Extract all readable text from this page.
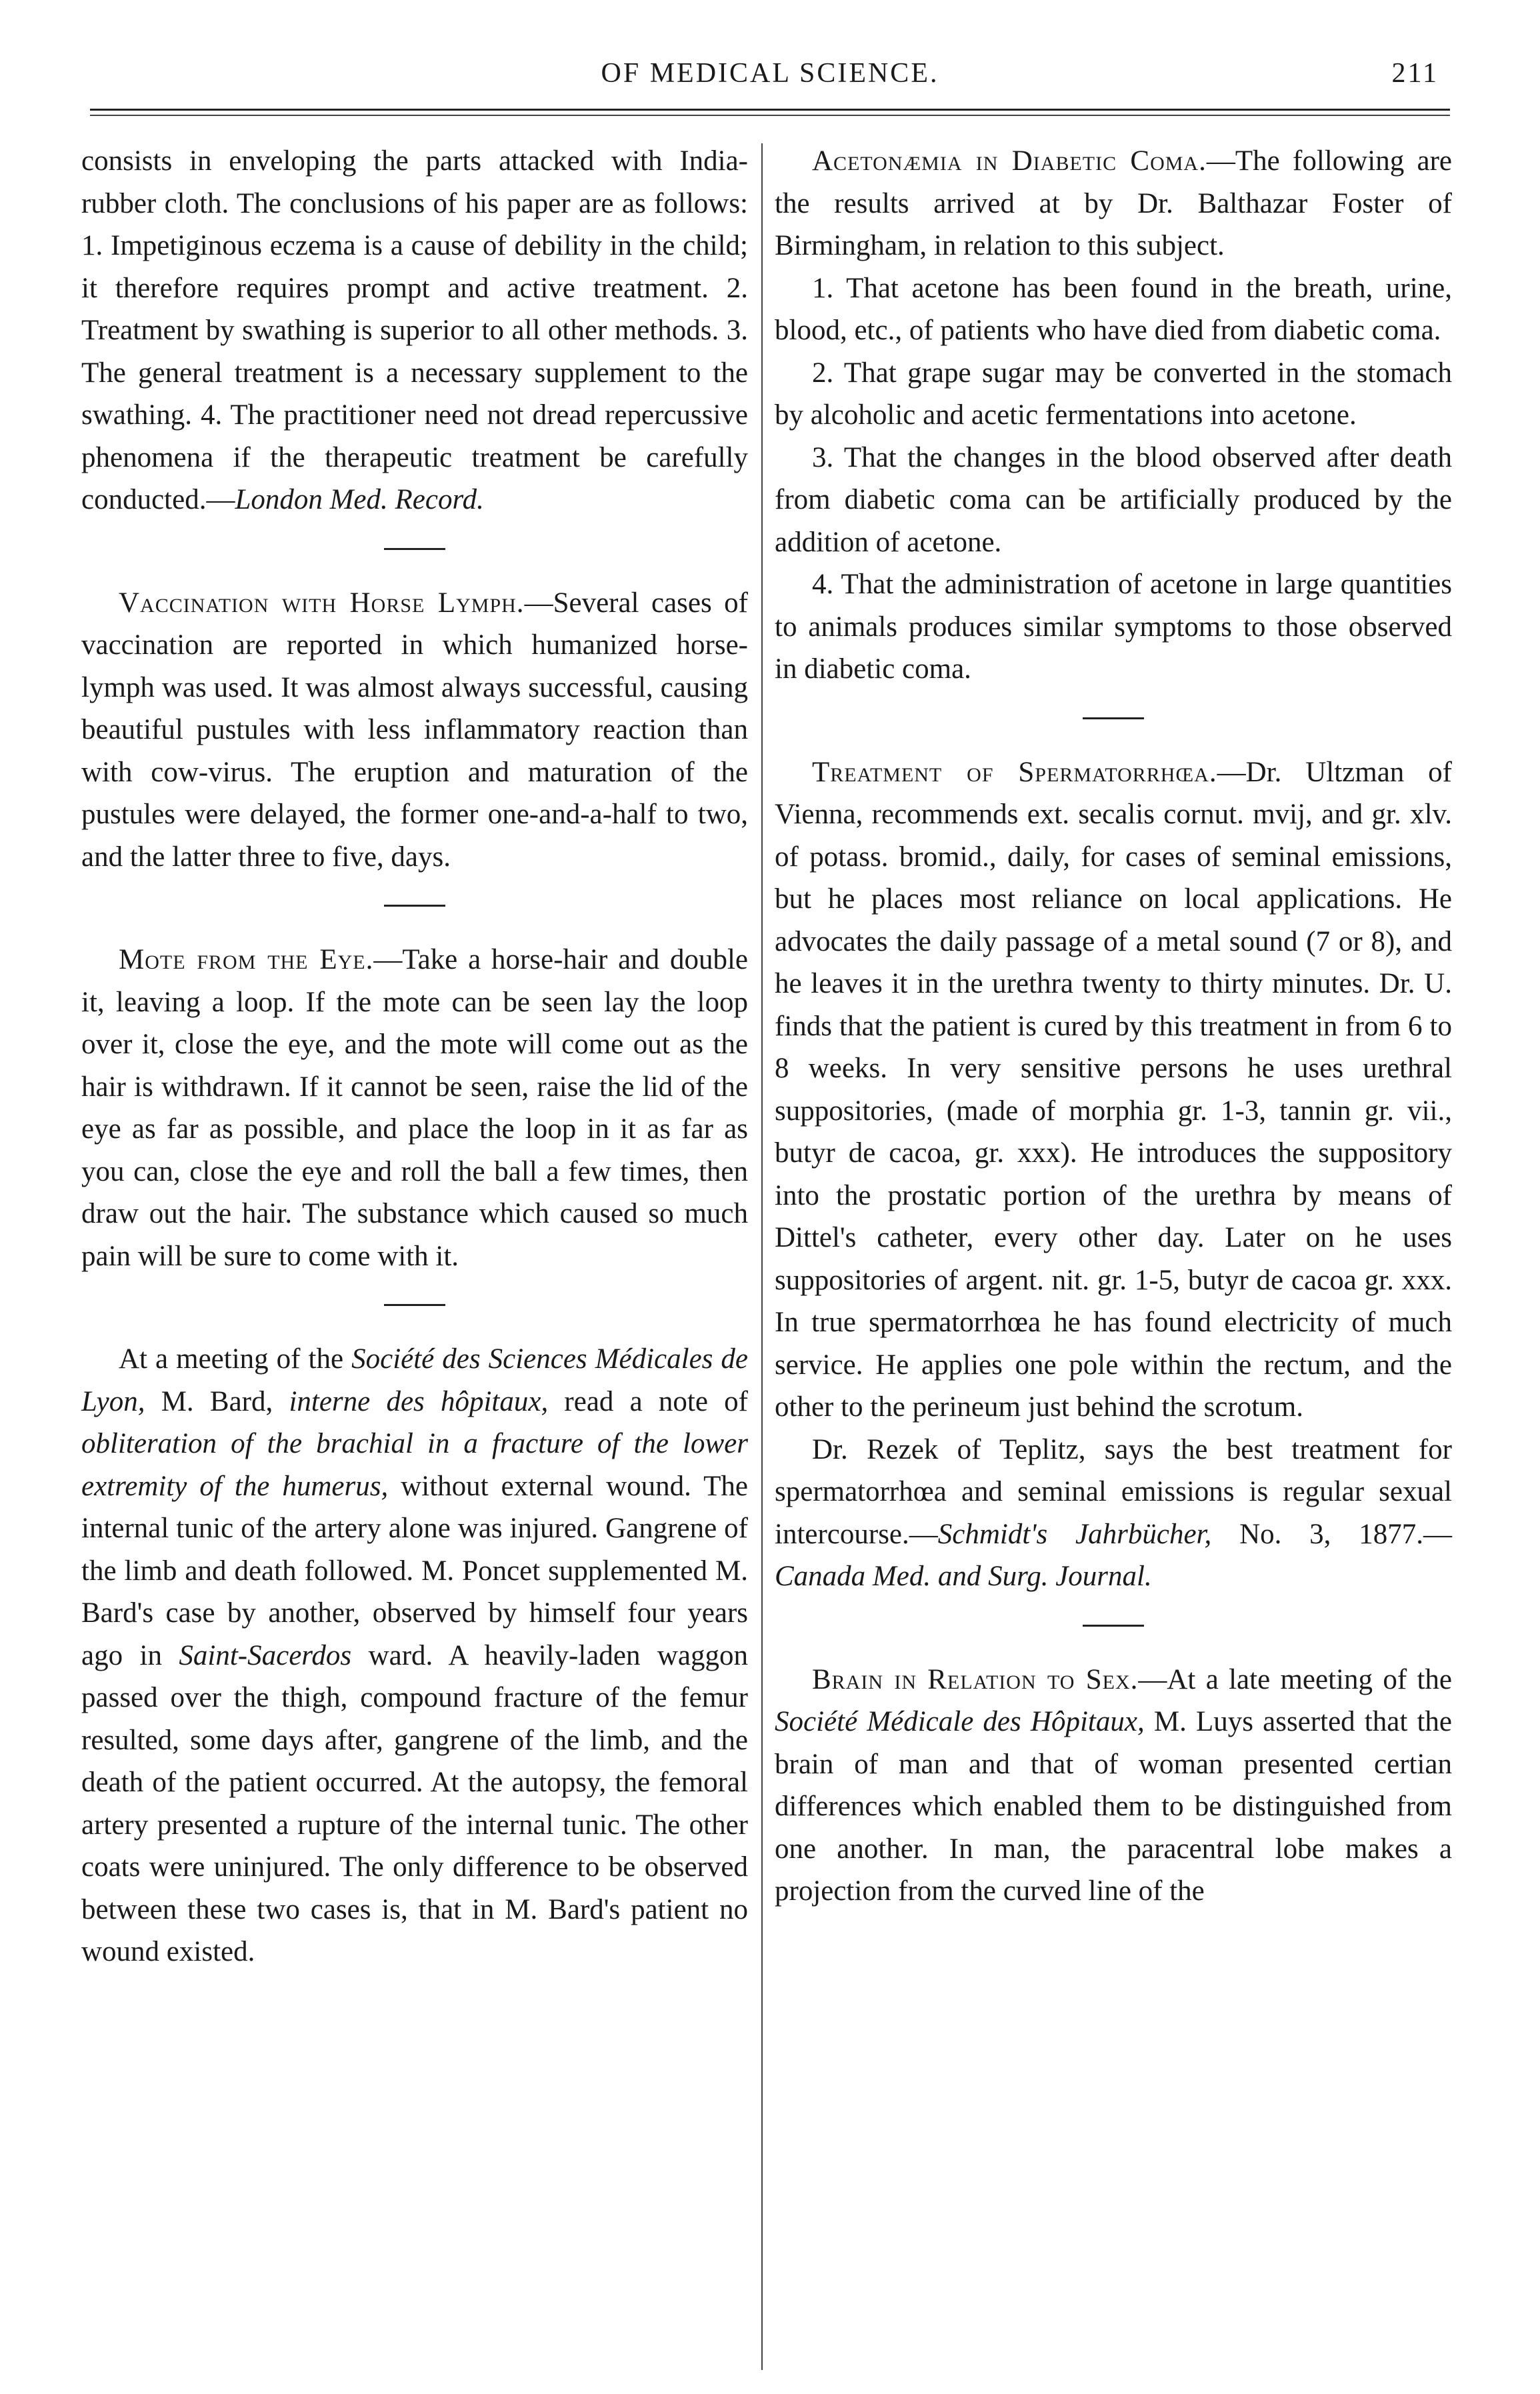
OF MEDICAL SCIENCE.	211

consists in enveloping the parts attacked with India-rubber cloth. The conclusions of his paper are as follows: 1. Impetiginous eczema is a cause of debility in the child; it therefore requires prompt and active treatment. 2. Treatment by swathing is superior to all other methods. 3. The general treatment is a necessary supplement to the swathing. 4. The practitioner need not dread repercussive phenomena if the therapeutic treatment be carefully conducted.—London Med. Record.

Vaccination with Horse Lymph.—Several cases of vaccination are reported in which humanized horse-lymph was used. It was almost always successful, causing beautiful pustules with less inflammatory reaction than with cow-virus. The eruption and maturation of the pustules were delayed, the former one-and-a-half to two, and the latter three to five, days.

Mote from the Eye.—Take a horse-hair and double it, leaving a loop. If the mote can be seen lay the loop over it, close the eye, and the mote will come out as the hair is withdrawn. If it cannot be seen, raise the lid of the eye as far as possible, and place the loop in it as far as you can, close the eye and roll the ball a few times, then draw out the hair. The substance which caused so much pain will be sure to come with it.

At a meeting of the Société des Sciences Médicales de Lyon, M. Bard, interne des hôpitaux, read a note of obliteration of the brachial in a fracture of the lower extremity of the humerus, without external wound. The internal tunic of the artery alone was injured. Gangrene of the limb and death followed. M. Poncet supplemented M. Bard's case by another, observed by himself four years ago in Saint-Sacerdos ward. A heavily-laden waggon passed over the thigh, compound fracture of the femur resulted, some days after, gangrene of the limb, and the death of the patient occurred. At the autopsy, the femoral artery presented a rupture of the internal tunic. The other coats were uninjured. The only difference to be observed between these two cases is, that in M. Bard's patient no wound existed.

Acetonæmia in Diabetic Coma.—The following are the results arrived at by Dr. Balthazar Foster of Birmingham, in relation to this subject.

1. That acetone has been found in the breath, urine, blood, etc., of patients who have died from diabetic coma.

2. That grape sugar may be converted in the stomach by alcoholic and acetic fermentations into acetone.

3. That the changes in the blood observed after death from diabetic coma can be artificially produced by the addition of acetone.

4. That the administration of acetone in large quantities to animals produces similar symptoms to those observed in diabetic coma.

Treatment of Spermatorrhœa.—Dr. Ultzman of Vienna, recommends ext. secalis cornut. mvij, and gr. xlv. of potass. bromid., daily, for cases of seminal emissions, but he places most reliance on local applications. He advocates the daily passage of a metal sound (7 or 8), and he leaves it in the urethra twenty to thirty minutes. Dr. U. finds that the patient is cured by this treatment in from 6 to 8 weeks. In very sensitive persons he uses urethral suppositories, (made of morphia gr. 1-3, tannin gr. vii., butyr de cacoa, gr. xxx). He introduces the suppository into the prostatic portion of the urethra by means of Dittel's catheter, every other day. Later on he uses suppositories of argent. nit. gr. 1-5, butyr de cacoa gr. xxx. In true spermatorrhœa he has found electricity of much service. He applies one pole within the rectum, and the other to the perineum just behind the scrotum.

Dr. Rezek of Teplitz, says the best treatment for spermatorrhœa and seminal emissions is regular sexual intercourse.—Schmidt's Jahrbücher, No. 3, 1877.—Canada Med. and Surg. Journal.

Brain in Relation to Sex.—At a late meeting of the Société Médicale des Hôpitaux, M. Luys asserted that the brain of man and that of woman presented certian differences which enabled them to be distinguished from one another. In man, the paracentral lobe makes a projection from the curved line of the
